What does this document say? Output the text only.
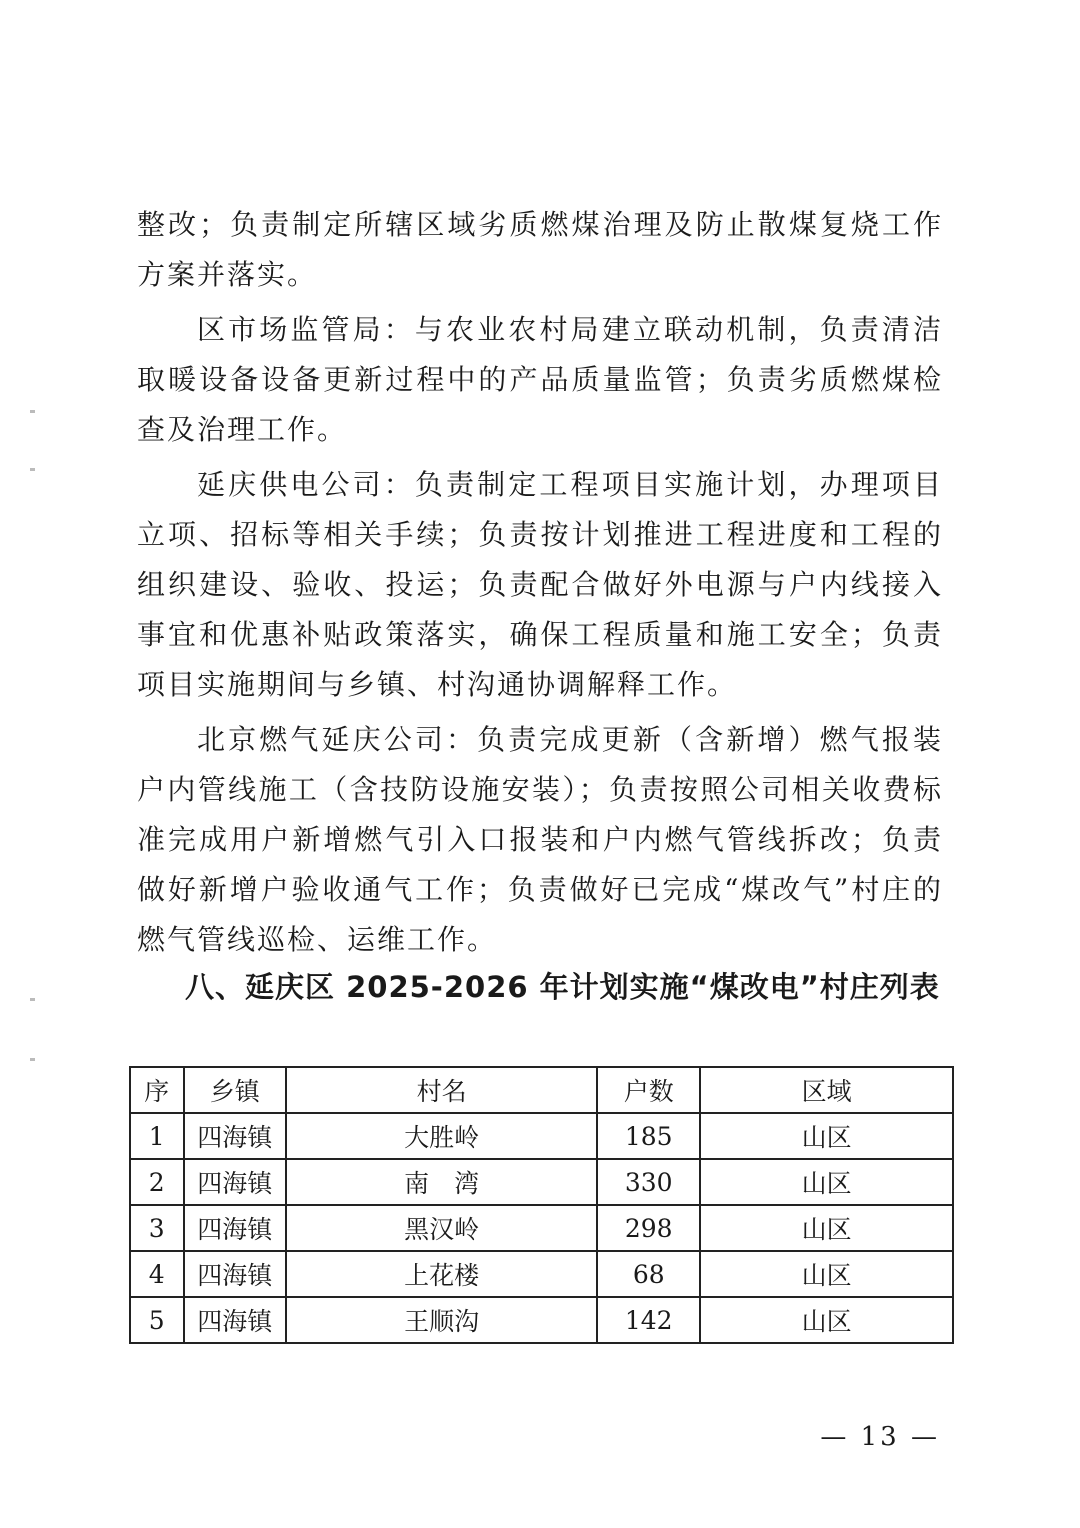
整改；负责制定所辖区域劣质燃煤治理及防止散煤复烧工作方案并落实。

区市场监管局：与农业农村局建立联动机制，负责清洁取暖设备设备更新过程中的产品质量监管；负责劣质燃煤检查及治理工作。

延庆供电公司：负责制定工程项目实施计划，办理项目立项、招标等相关手续；负责按计划推进工程进度和工程的组织建设、验收、投运；负责配合做好外电源与户内线接入事宜和优惠补贴政策落实，确保工程质量和施工安全；负责项目实施期间与乡镇、村沟通协调解释工作。

北京燃气延庆公司：负责完成更新（含新增）燃气报装户内管线施工（含技防设施安装）；负责按照公司相关收费标准完成用户新增燃气引入口报装和户内燃气管线拆改；负责做好新增户验收通气工作；负责做好已完成“煤改气”村庄的燃气管线巡检、运维工作。

八、延庆区 2025-2026 年计划实施“煤改电”村庄列表
序	乡镇	村名	户数	区域
1	四海镇	大胜岭	185	山区
2	四海镇	南　湾	330	山区
3	四海镇	黑汉岭	298	山区
4	四海镇	上花楼	68	山区
5	四海镇	王顺沟	142	山区
— 13 —
